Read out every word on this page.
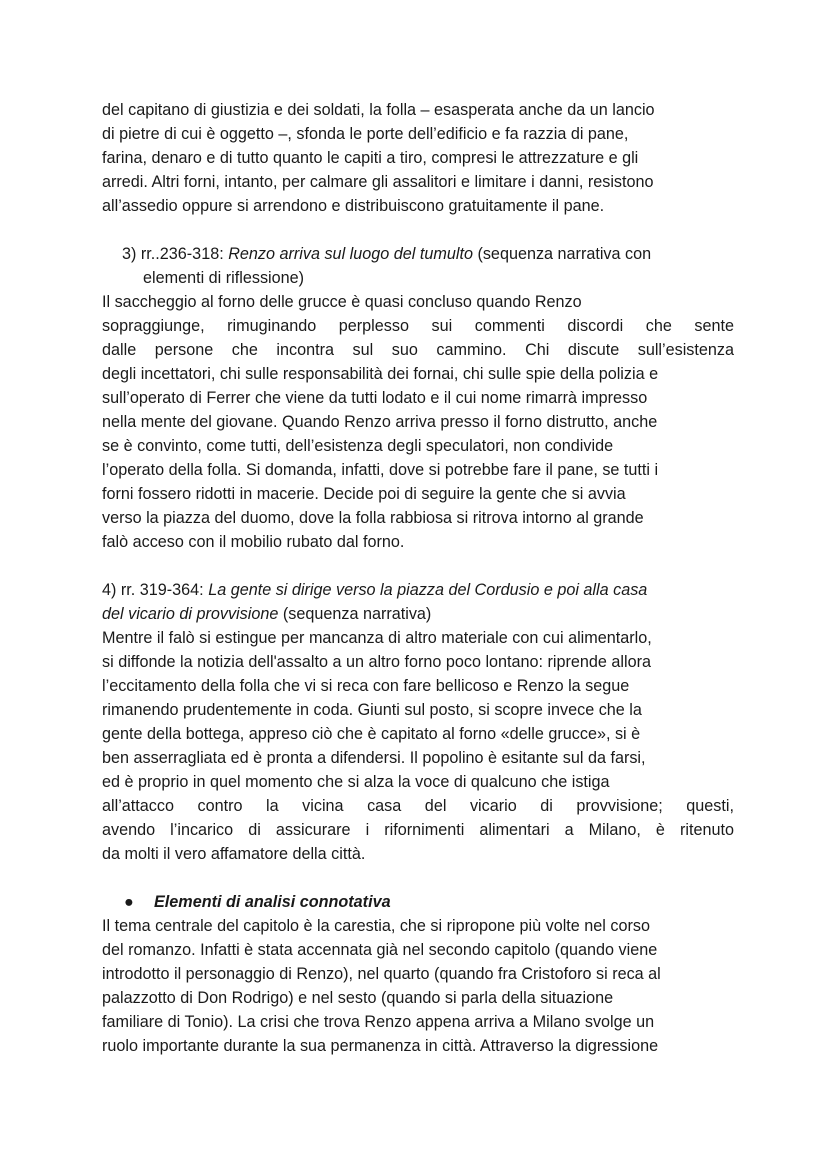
del capitano di giustizia e dei soldati, la folla – esasperata anche da un lancio
di pietre di cui è oggetto –, sfonda le porte dell’edificio e fa razzia di pane,
farina, denaro e di tutto quanto le capiti a tiro, compresi le attrezzature e gli
arredi. Altri forni, intanto, per calmare gli assalitori e limitare i danni, resistono
all’assedio oppure si arrendono e distribuiscono gratuitamente il pane.
3) rr..236-318: Renzo arriva sul luogo del tumulto (sequenza narrativa con
elementi di riflessione)
Il saccheggio al forno delle grucce è quasi concluso quando Renzo
sopraggiunge, rimuginando perplesso sui commenti discordi che sente
dalle persone che incontra sul suo cammino. Chi discute sull’esistenza
degli incettatori, chi sulle responsabilità dei fornai, chi sulle spie della polizia e
sull’operato di Ferrer che viene da tutti lodato e il cui nome rimarrà impresso
nella mente del giovane. Quando Renzo arriva presso il forno distrutto, anche
se è convinto, come tutti, dell’esistenza degli speculatori, non condivide
l’operato della folla. Si domanda, infatti, dove si potrebbe fare il pane, se tutti i
forni fossero ridotti in macerie. Decide poi di seguire la gente che si avvia
verso la piazza del duomo, dove la folla rabbiosa si ritrova intorno al grande
falò acceso con il mobilio rubato dal forno.
4) rr. 319-364: La gente si dirige verso la piazza del Cordusio e poi alla casa
del vicario di provvisione (sequenza narrativa)
Mentre il falò si estingue per mancanza di altro materiale con cui alimentarlo,
si diffonde la notizia dell'assalto a un altro forno poco lontano: riprende allora
l’eccitamento della folla che vi si reca con fare bellicoso e Renzo la segue
rimanendo prudentemente in coda. Giunti sul posto, si scopre invece che la
gente della bottega, appreso ciò che è capitato al forno «delle grucce», si è
ben asserragliata ed è pronta a difendersi. Il popolino è esitante sul da farsi,
ed è proprio in quel momento che si alza la voce di qualcuno che istiga
all’attacco contro la vicina casa del vicario di provvisione; questi,
avendo l’incarico di assicurare i rifornimenti alimentari a Milano, è ritenuto
da molti il vero affamatore della città.
● Elementi di analisi connotativa
Il tema centrale del capitolo è la carestia, che si ripropone più volte nel corso
del romanzo. Infatti è stata accennata già nel secondo capitolo (quando viene
introdotto il personaggio di Renzo), nel quarto (quando fra Cristoforo si reca al
palazzotto di Don Rodrigo) e nel sesto (quando si parla della situazione
familiare di Tonio). La crisi che trova Renzo appena arriva a Milano svolge un
ruolo importante durante la sua permanenza in città. Attraverso la digressione
